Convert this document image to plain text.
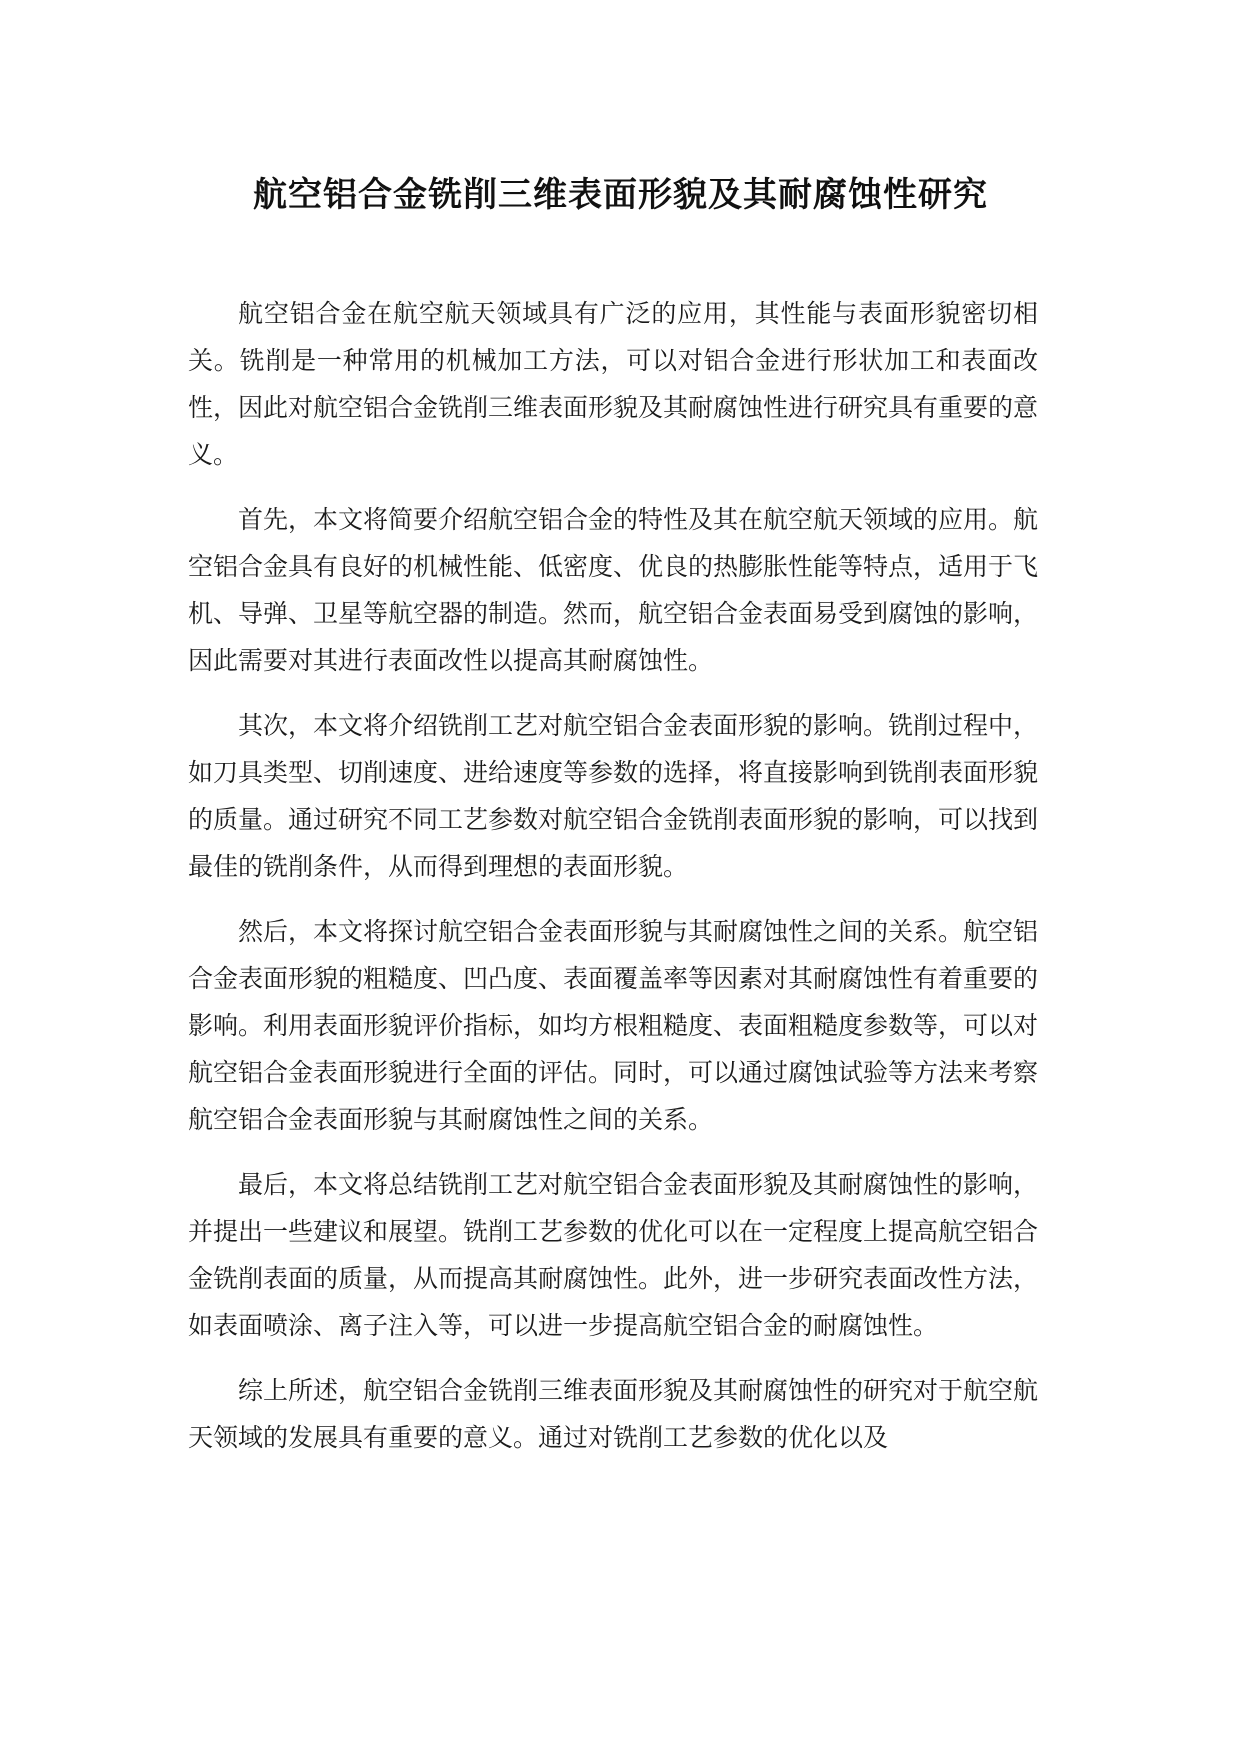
航空铝合金铣削三维表面形貌及其耐腐蚀性研究

航空铝合金在航空航天领域具有广泛的应用，其性能与表面形貌密切相关。铣削是一种常用的机械加工方法，可以对铝合金进行形状加工和表面改性，因此对航空铝合金铣削三维表面形貌及其耐腐蚀性进行研究具有重要的意义。

首先，本文将简要介绍航空铝合金的特性及其在航空航天领域的应用。航空铝合金具有良好的机械性能、低密度、优良的热膨胀性能等特点，适用于飞机、导弹、卫星等航空器的制造。然而，航空铝合金表面易受到腐蚀的影响，因此需要对其进行表面改性以提高其耐腐蚀性。

其次，本文将介绍铣削工艺对航空铝合金表面形貌的影响。铣削过程中，如刀具类型、切削速度、进给速度等参数的选择，将直接影响到铣削表面形貌的质量。通过研究不同工艺参数对航空铝合金铣削表面形貌的影响，可以找到最佳的铣削条件，从而得到理想的表面形貌。

然后，本文将探讨航空铝合金表面形貌与其耐腐蚀性之间的关系。航空铝合金表面形貌的粗糙度、凹凸度、表面覆盖率等因素对其耐腐蚀性有着重要的影响。利用表面形貌评价指标，如均方根粗糙度、表面粗糙度参数等，可以对航空铝合金表面形貌进行全面的评估。同时，可以通过腐蚀试验等方法来考察航空铝合金表面形貌与其耐腐蚀性之间的关系。

最后，本文将总结铣削工艺对航空铝合金表面形貌及其耐腐蚀性的影响，并提出一些建议和展望。铣削工艺参数的优化可以在一定程度上提高航空铝合金铣削表面的质量，从而提高其耐腐蚀性。此外，进一步研究表面改性方法，如表面喷涂、离子注入等，可以进一步提高航空铝合金的耐腐蚀性。

综上所述，航空铝合金铣削三维表面形貌及其耐腐蚀性的研究对于航空航天领域的发展具有重要的意义。通过对铣削工艺参数的优化以及
